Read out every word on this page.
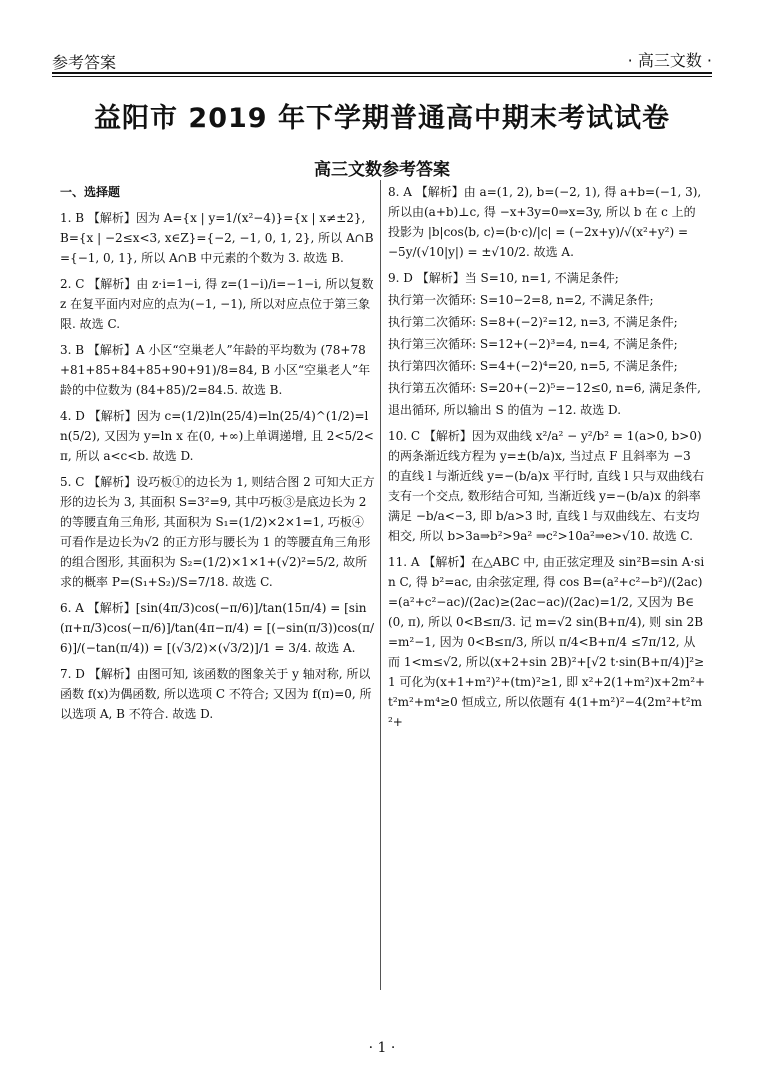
参考答案	· 高三文数 ·
益阳市 2019 年下学期普通高中期末考试试卷
高三文数参考答案

一、选择题

1. B 【解析】因为 A={x | y=1/(x²−4)}={x | x≠±2}, B={x | −2≤x<3, x∈Z}={−2, −1, 0, 1, 2}, 所以 A∩B={−1, 0, 1}, 所以 A∩B 中元素的个数为 3. 故选 B.

2. C 【解析】由 z·i=1−i, 得 z=(1−i)/i=−1−i, 所以复数 z 在复平面内对应的点为(−1, −1), 所以对应点位于第三象限. 故选 C.

3. B 【解析】A 小区“空巢老人”年龄的平均数为 (78+78+81+85+84+85+90+91)/8=84, B 小区“空巢老人”年龄的中位数为 (84+85)/2=84.5. 故选 B.

4. D 【解析】因为 c=(1/2)ln(25/4)=ln(25/4)^(1/2)=ln(5/2), 又因为 y=ln x 在(0, +∞)上单调递增, 且 2<5/2<π, 所以 a<c<b. 故选 D.

5. C 【解析】设巧板①的边长为 1, 则结合图 2 可知大正方形的边长为 3, 其面积 S=3²=9, 其中巧板③是底边长为 2 的等腰直角三角形, 其面积为 S₁=(1/2)×2×1=1, 巧板④可看作是边长为√2 的正方形与腰长为 1 的等腰直角三角形的组合图形, 其面积为 S₂=(1/2)×1×1+(√2)²=5/2, 故所求的概率 P=(S₁+S₂)/S=7/18. 故选 C.

6. A 【解析】[sin(4π/3)cos(−π/6)]/tan(15π/4) = [sin(π+π/3)cos(−π/6)]/tan(4π−π/4) = [(−sin(π/3))cos(π/6)]/(−tan(π/4)) = [(√3/2)×(√3/2)]/1 = 3/4. 故选 A.

7. D 【解析】由图可知, 该函数的图象关于 y 轴对称, 所以函数 f(x)为偶函数, 所以选项 C 不符合; 又因为 f(π)=0, 所以选项 A, B 不符合. 故选 D.

8. A 【解析】由 a=(1, 2), b=(−2, 1), 得 a+b=(−1, 3), 所以由(a+b)⊥c, 得 −x+3y=0⇒x=3y, 所以 b 在 c 上的投影为 |b|cos⟨b, c⟩=(b·c)/|c| = (−2x+y)/√(x²+y²) = −5y/(√10|y|) = ±√10/2. 故选 A.

9. D 【解析】当 S=10, n=1, 不满足条件;

执行第一次循环: S=10−2=8, n=2, 不满足条件;

执行第二次循环: S=8+(−2)²=12, n=3, 不满足条件;

执行第三次循环: S=12+(−2)³=4, n=4, 不满足条件;

执行第四次循环: S=4+(−2)⁴=20, n=5, 不满足条件;

执行第五次循环: S=20+(−2)⁵=−12≤0, n=6, 满足条件,

退出循环, 所以输出 S 的值为 −12. 故选 D.

10. C 【解析】因为双曲线 x²/a² − y²/b² = 1(a>0, b>0)的两条渐近线方程为 y=±(b/a)x, 当过点 F 且斜率为 −3 的直线 l 与渐近线 y=−(b/a)x 平行时, 直线 l 只与双曲线右支有一个交点, 数形结合可知, 当渐近线 y=−(b/a)x 的斜率满足 −b/a<−3, 即 b/a>3 时, 直线 l 与双曲线左、右支均相交, 所以 b>3a⇒b²>9a² ⇒c²>10a²⇒e>√10. 故选 C.

11. A 【解析】在△ABC 中, 由正弦定理及 sin²B=sin A·sin C, 得 b²=ac, 由余弦定理, 得 cos B=(a²+c²−b²)/(2ac)=(a²+c²−ac)/(2ac)≥(2ac−ac)/(2ac)=1/2, 又因为 B∈(0, π), 所以 0<B≤π/3. 记 m=√2 sin(B+π/4), 则 sin 2B=m²−1, 因为 0<B≤π/3, 所以 π/4<B+π/4 ≤7π/12, 从而 1<m≤√2, 所以(x+2+sin 2B)²+[√2 t·sin(B+π/4)]²≥1 可化为(x+1+m²)²+(tm)²≥1, 即 x²+2(1+m²)x+2m²+t²m²+m⁴≥0 恒成立, 所以依题有 4(1+m²)²−4(2m²+t²m²+

· 1 ·
